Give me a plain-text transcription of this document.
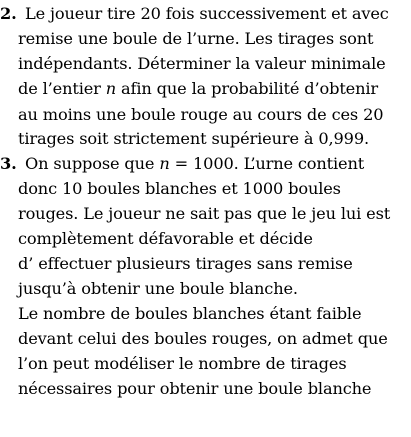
2. Le joueur tire 20 fois successivement et avec
remise une boule de l’urne. Les tirages sont
indépendants. Déterminer la valeur minimale
de l’entier n afin que la probabilité d’obtenir
au moins une boule rouge au cours de ces 20
tirages soit strictement supérieure à 0,999.
3. On suppose que n = 1000. L’urne contient
donc 10 boules blanches et 1000 boules
rouges. Le joueur ne sait pas que le jeu lui est
complètement défavorable et décide
d’ effectuer plusieurs tirages sans remise
jusqu’à obtenir une boule blanche.
Le nombre de boules blanches étant faible
devant celui des boules rouges, on admet que
l’on peut modéliser le nombre de tirages
nécessaires pour obtenir une boule blanche
